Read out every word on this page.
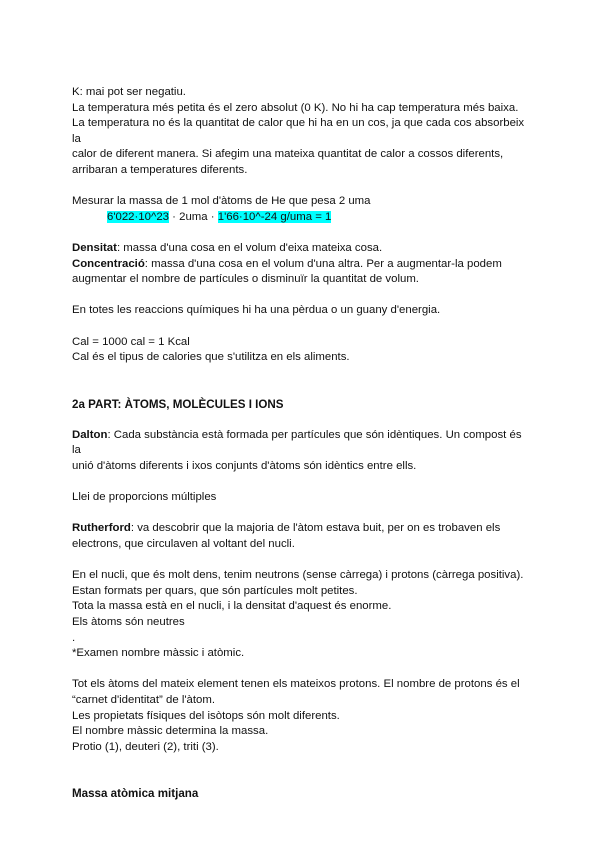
K: mai pot ser negatiu.

La temperatura més petita és el zero absolut (0 K). No hi ha cap temperatura més baixa.

La temperatura no és la quantitat de calor que hi ha en un cos, ja que cada cos absorbeix la

calor de diferent manera. Si afegim una mateixa quantitat de calor a cossos diferents,

arribaran a temperatures diferents.

Mesurar la massa de 1 mol d'àtoms de He que pesa 2 uma

6'022·10^23 · 2uma · 1'66·10^-24 g/uma = 1

Densitat: massa d'una cosa en el volum d'eixa mateixa cosa.

Concentració: massa d'una cosa en el volum d'una altra. Per a augmentar-la podem

augmentar el nombre de partícules o disminuïr la quantitat de volum.

En totes les reaccions químiques hi ha una pèrdua o un guany d'energia.

Cal = 1000 cal = 1 Kcal

Cal és el tipus de calories que s'utilitza en els aliments.

2a PART: ÀTOMS, MOLÈCULES I IONS

Dalton: Cada substància està formada per partícules que són idèntiques. Un compost és la

unió d'àtoms diferents i ixos conjunts d'àtoms són idèntics entre ells.

Llei de proporcions múltiples

Rutherford: va descobrir que la majoria de l'àtom estava buit, per on es trobaven els

electrons, que circulaven al voltant del nucli.

En el nucli, que és molt dens, tenim neutrons (sense càrrega) i protons (càrrega positiva).

Estan formats per quars, que són partícules molt petites.

Tota la massa està en el nucli, i la densitat d'aquest és enorme.

Els àtoms són neutres

.

*Examen nombre màssic i atòmic.

Tot els àtoms del mateix element tenen els mateixos protons. El nombre de protons és el

“carnet d'identitat” de l'àtom.

Les propietats físiques del isòtops són molt diferents.

El nombre màssic determina la massa.

Protio (1), deuteri (2), triti (3).

Massa atòmica mitjana
